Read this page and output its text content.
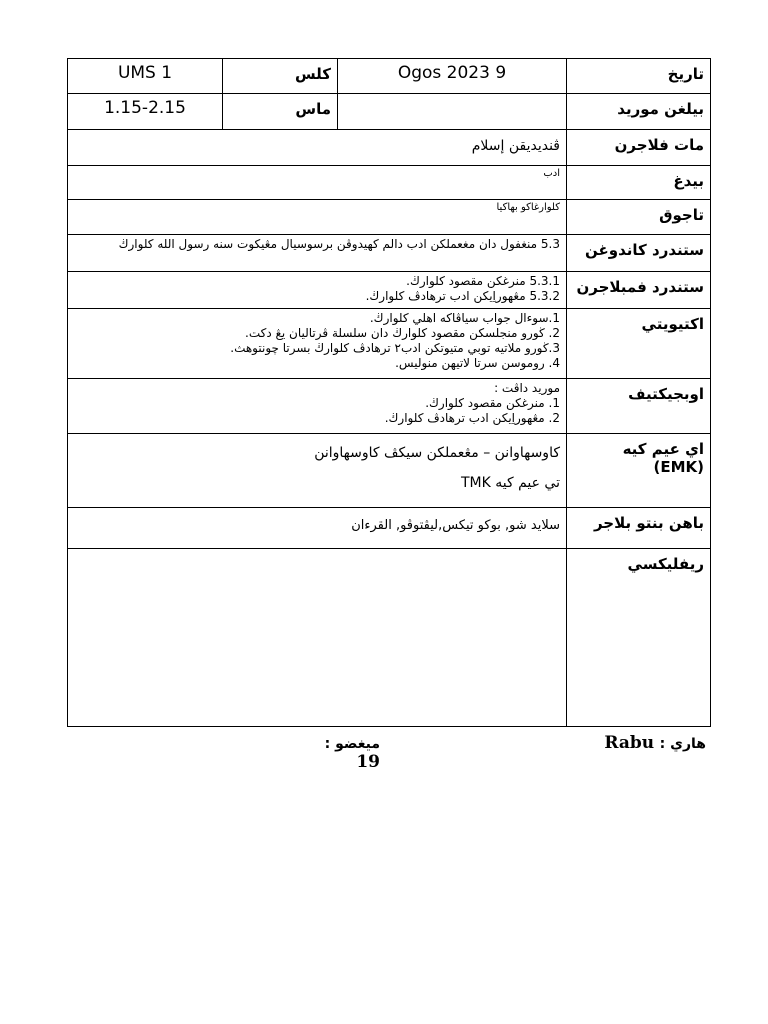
UMS 1	كلس	Ogos 2023 9	تاريخ

1.15-2.15	ماس		بيلغن موريد

ڤنديديقن إسلام			مات فلاجرن

ادب			بيدغ

كلوارغاكو بهاكيا			تاجوق

5.3 منغفول دان مغعملكن ادب دالم كهيدوڤن برسوسيال مڠيكوت سنه رسول الله كلوارڬ			ستندرد كاندوغن

5.3.1 منرغكن مقصود كلوارڬ.
5.3.2 مڠهوراِيكن ادب ترهادڤ كلوارڬ.			ستندرد فمبلاجرن

1.سوءال جواب سياڤاكه اهلي كلوارڬ.
2. ڬورو منجلسكن مقصود كلوارڬ دان سلسلة ڤرتاليان يڠ دكت.
3.ڬورو ملاتيه توبي متيوتكن ادب٢ ترهادڤ كلوارڬ بسرتا چونتوهث.
4. روموسن سرتا لاتيهن منوليس.			اكتيويتي

موريد داڤت :
1. منرغكن مقصود كلوارڬ.
2. مڠهوراِيكن ادب ترهادڤ كلوارڬ.			اوبجيكتيف

كاوسهاوانن – مڠعملكن سيكڤ كاوسهاوانن
تي عيم كيه TMK			اي عيم كيه (EMK)

سلايد شو, بوكو تيكس,ليڤتوڤو, القرءان			باهن بنتو بلاجر

			ريفليكسي
هاري : Rabu
ميغضو : 19
